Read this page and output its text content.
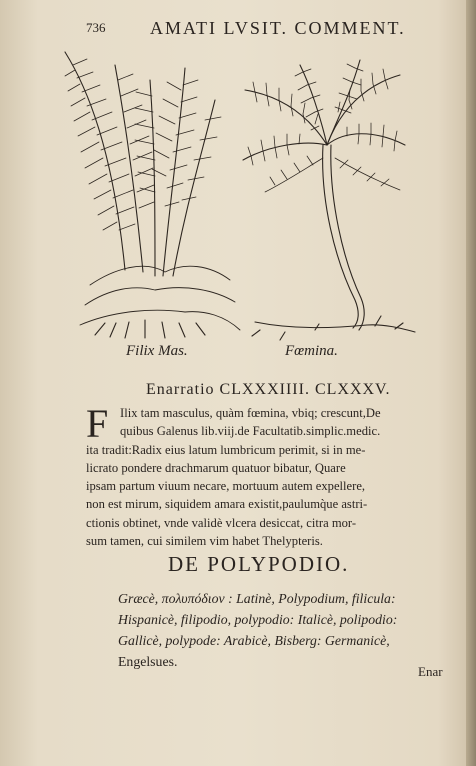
736 AMATI LVSIT. COMMENT.
Filix Mas.	Fœmina.
Enarratio CLXXXIIII. CLXXXV.
F Ilix tam masculus, quàm fœmina, vbiq; crescunt,De

quibus Galenus lib.viij.de Facultatib.simplic.medic.

ita tradit:Radix eius latum lumbricum perimit, si in me-

licrato pondere drachmarum quatuor bibatur, Quare

ipsam partum viuum necare, mortuum autem expellere,

non est mirum, siquidem amara existit,paulumq̀ue astri-

ctionis obtinet, vnde validè vlcera desiccat, citra mor-

sum tamen, cui similem vim habet Thelypteris.

DE POLYPODIO.

Græcè, πολυπόδιον : Latinè, Polypodium, filicula:

Hispanicè, filipodio, polypodio: Italicè, polipodio:

Gallicè, polypode: Arabicè, Bisberg: Germanicè,

Engelsues.

Enar
